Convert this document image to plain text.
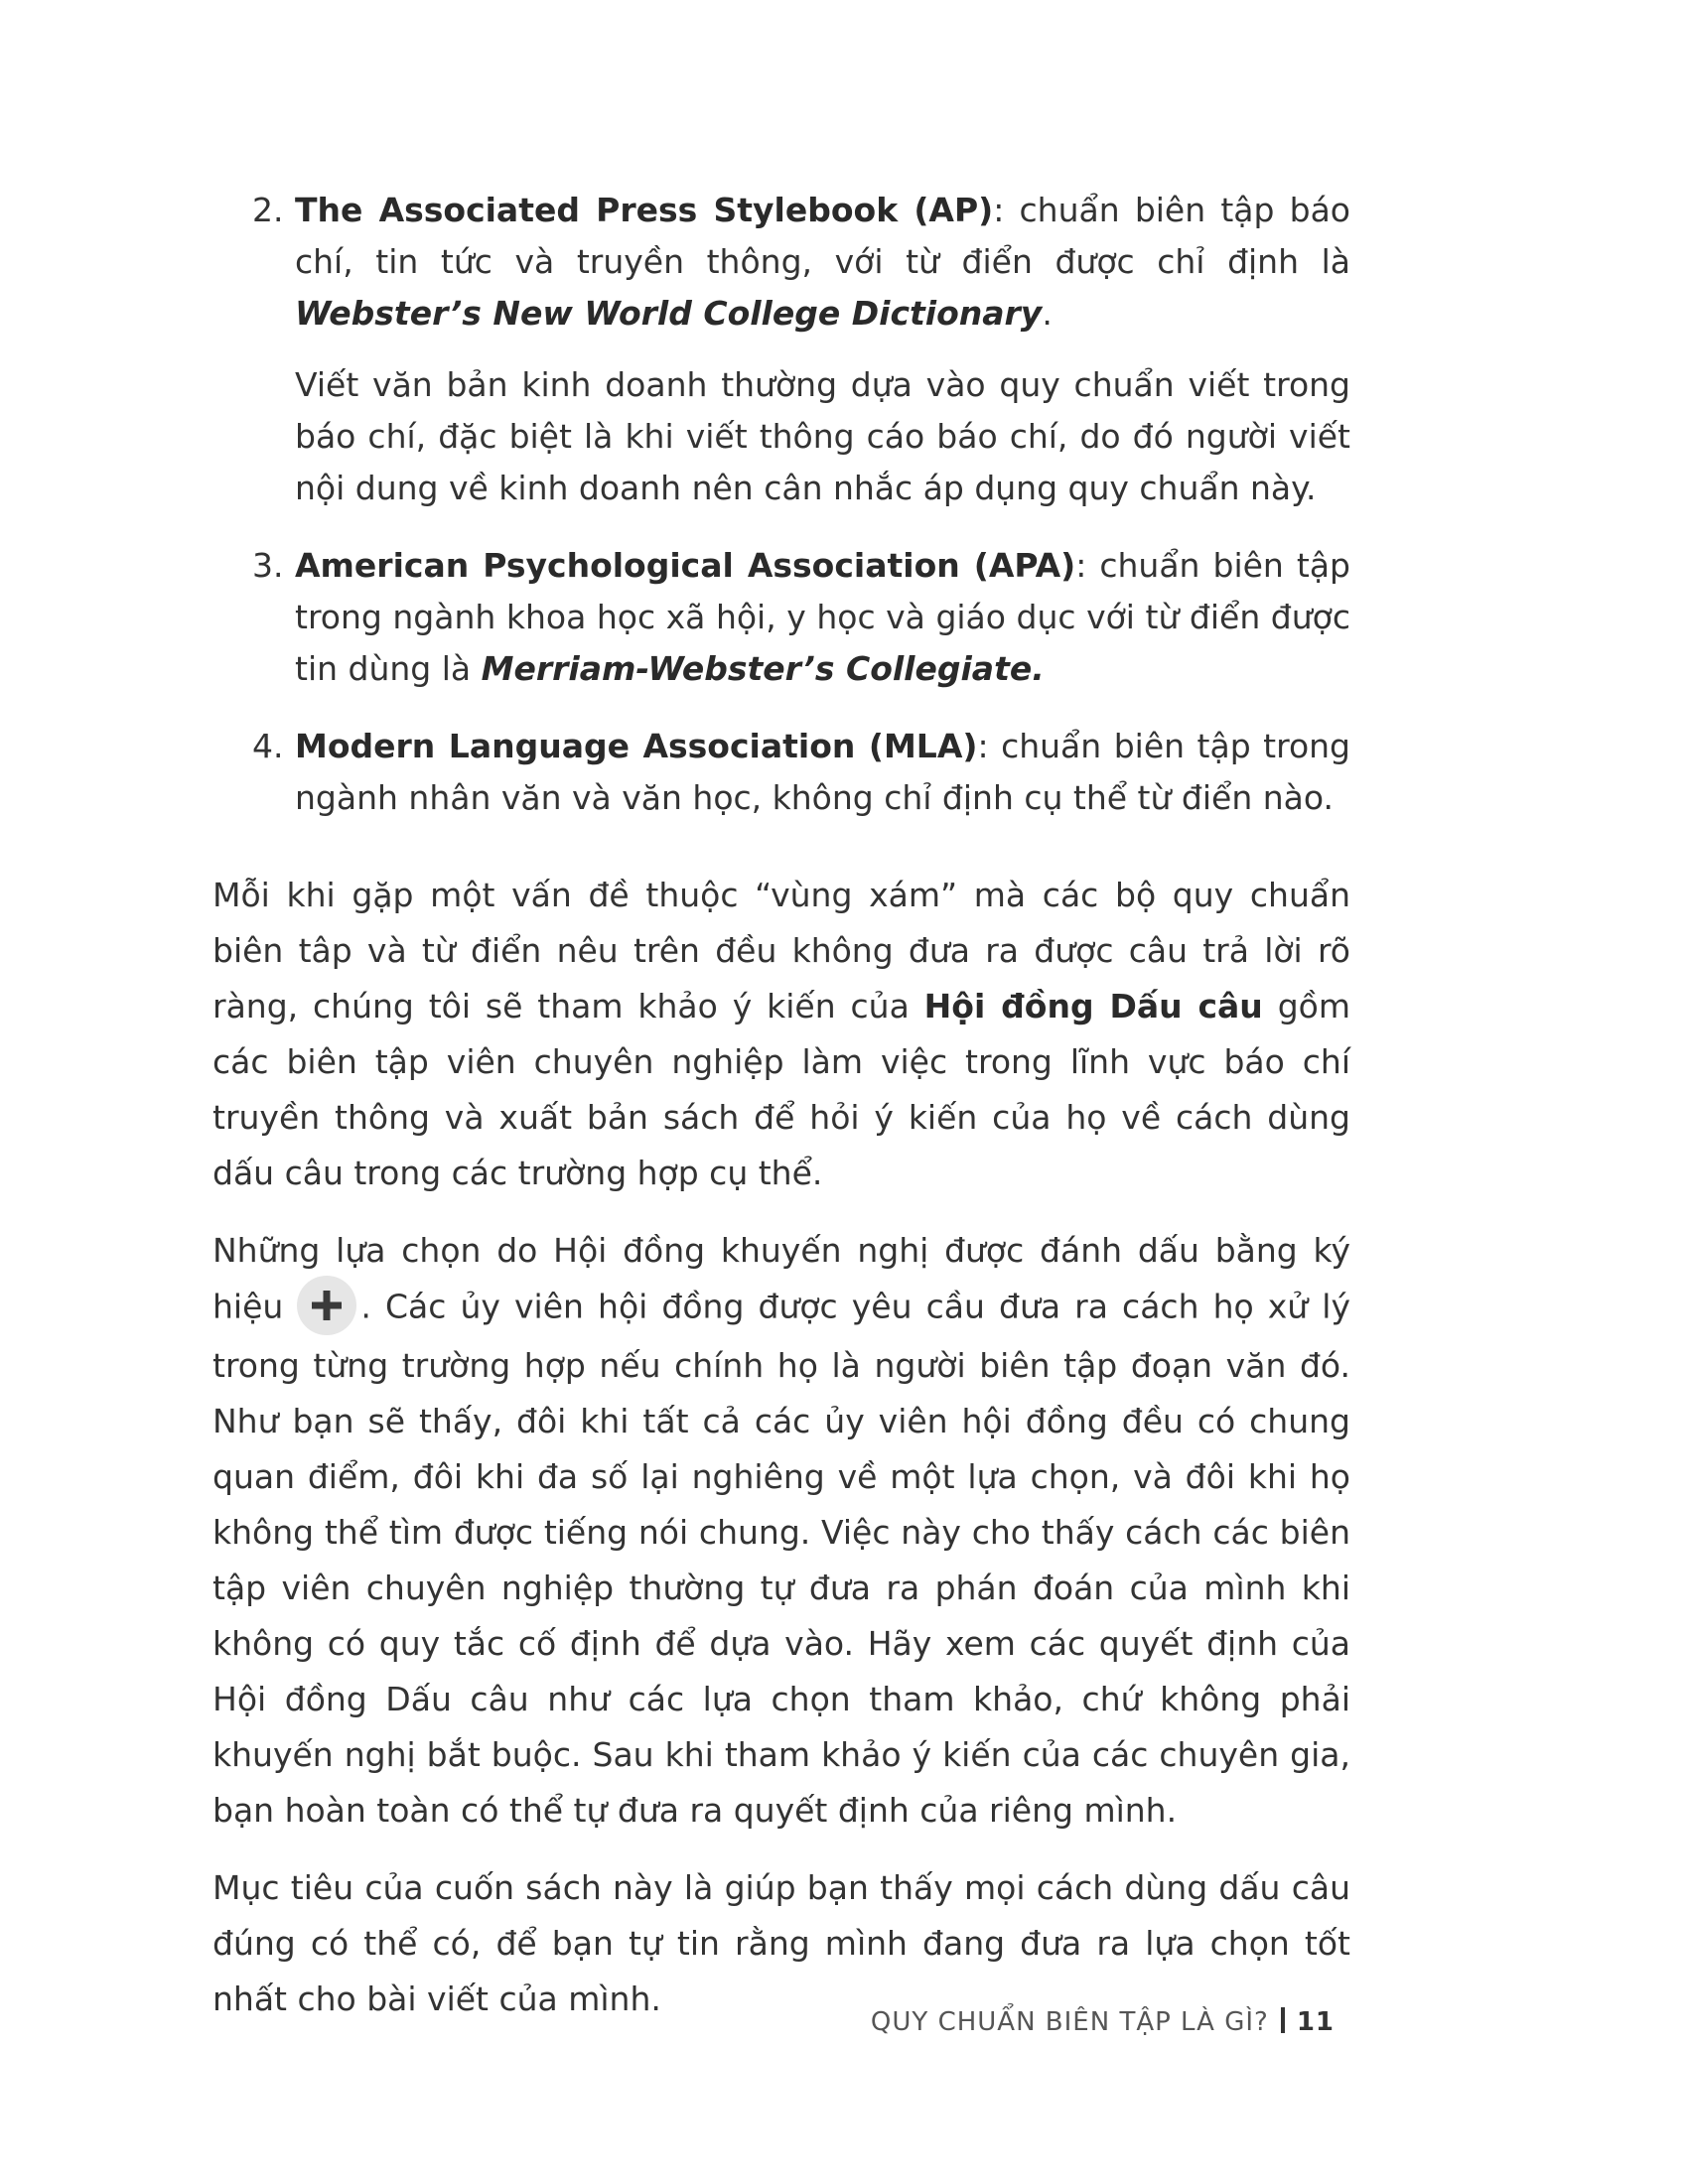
2. The Associated Press Stylebook (AP): chuẩn biên tập báo chí, tin tức và truyền thông, với từ điển được chỉ định là Webster’s New World College Dictionary.

Viết văn bản kinh doanh thường dựa vào quy chuẩn viết trong báo chí, đặc biệt là khi viết thông cáo báo chí, do đó người viết nội dung về kinh doanh nên cân nhắc áp dụng quy chuẩn này.

3. American Psychological Association (APA): chuẩn biên tập trong ngành khoa học xã hội, y học và giáo dục với từ điển được tin dùng là Merriam-Webster’s Collegiate.

4. Modern Language Association (MLA): chuẩn biên tập trong ngành nhân văn và văn học, không chỉ định cụ thể từ điển nào.

Mỗi khi gặp một vấn đề thuộc “vùng xám” mà các bộ quy chuẩn biên tâp và từ điển nêu trên đều không đưa ra được câu trả lời rõ ràng, chúng tôi sẽ tham khảo ý kiến của Hội đồng Dấu câu gồm các biên tập viên chuyên nghiệp làm việc trong lĩnh vực báo chí truyền thông và xuất bản sách để hỏi ý kiến của họ về cách dùng dấu câu trong các trường hợp cụ thể.

Những lựa chọn do Hội đồng khuyến nghị được đánh dấu bằng ký hiệu . Các ủy viên hội đồng được yêu cầu đưa ra cách họ xử lý trong từng trường hợp nếu chính họ là người biên tập đoạn văn đó. Như bạn sẽ thấy, đôi khi tất cả các ủy viên hội đồng đều có chung quan điểm, đôi khi đa số lại nghiêng về một lựa chọn, và đôi khi họ không thể tìm được tiếng nói chung. Việc này cho thấy cách các biên tập viên chuyên nghiệp thường tự đưa ra phán đoán của mình khi không có quy tắc cố định để dựa vào. Hãy xem các quyết định của Hội đồng Dấu câu như các lựa chọn tham khảo, chứ không phải khuyến nghị bắt buộc. Sau khi tham khảo ý kiến của các chuyên gia, bạn hoàn toàn có thể tự đưa ra quyết định của riêng mình.

Mục tiêu của cuốn sách này là giúp bạn thấy mọi cách dùng dấu câu đúng có thể có, để bạn tự tin rằng mình đang đưa ra lựa chọn tốt nhất cho bài viết của mình.

QUY CHUẨN BIÊN TẬP LÀ GÌ? 11
